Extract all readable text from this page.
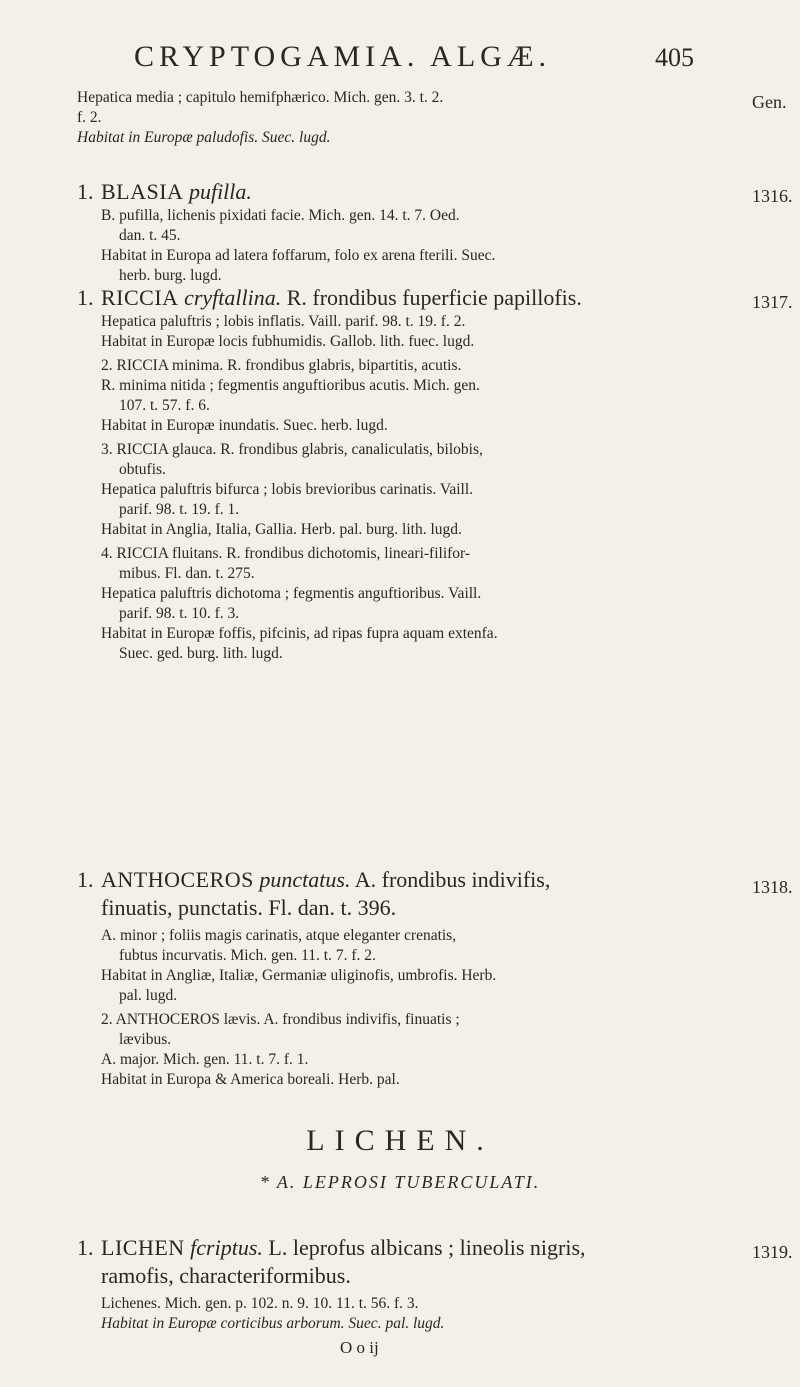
CRYPTOGAMIA. ALGÆ.	405
Gen.
1316.
1317.
1318.
1319.

Hepatica media ; capitulo hemifphærico. Mich. gen. 3. t. 2.

f. 2.

Habitat in Europæ paludofis. Suec. lugd.

1. BLASIA pufilla.

B. pufilla, lichenis pixidati facie. Mich. gen. 14. t. 7. Oed.

dan. t. 45.

Habitat in Europa ad latera foffarum, folo ex arena fterili. Suec.

herb. burg. lugd.

1. RICCIA cryftallina. R. frondibus fuperficie papillofis.

Hepatica paluftris ; lobis inflatis. Vaill. parif. 98. t. 19. f. 2.

Habitat in Europæ locis fubhumidis. Gallob. lith. fuec. lugd.

2. RICCIA minima. R. frondibus glabris, bipartitis, acutis.

R. minima nitida ; fegmentis anguftioribus acutis. Mich. gen.

107. t. 57. f. 6.

Habitat in Europæ inundatis. Suec. herb. lugd.

3. RICCIA glauca. R. frondibus glabris, canaliculatis, bilobis,

obtufis.

Hepatica paluftris bifurca ; lobis brevioribus carinatis. Vaill.

parif. 98. t. 19. f. 1.

Habitat in Anglia, Italia, Gallia. Herb. pal. burg. lith. lugd.

4. RICCIA fluitans. R. frondibus dichotomis, lineari-filifor-

mibus. Fl. dan. t. 275.

Hepatica paluftris dichotoma ; fegmentis anguftioribus. Vaill.

parif. 98. t. 10. f. 3.

Habitat in Europæ foffis, pifcinis, ad ripas fupra aquam extenfa.

Suec. ged. burg. lith. lugd.

1. ANTHOCEROS punctatus. A. frondibus indivifis,

finuatis, punctatis. Fl. dan. t. 396.

A. minor ; foliis magis carinatis, atque eleganter crenatis,

fubtus incurvatis. Mich. gen. 11. t. 7. f. 2.

Habitat in Angliæ, Italiæ, Germaniæ uliginofis, umbrofis. Herb.

pal. lugd.

2. ANTHOCEROS lævis. A. frondibus indivifis, finuatis ;

lævibus.

A. major. Mich. gen. 11. t. 7. f. 1.

Habitat in Europa & America boreali. Herb. pal.

LICHEN.
* A. LEPROSI TUBERCULATI.

1. LICHEN fcriptus. L. leprofus albicans ; lineolis nigris,

ramofis, characteriformibus.

Lichenes. Mich. gen. p. 102. n. 9. 10. 11. t. 56. f. 3.

Habitat in Europæ corticibus arborum. Suec. pal. lugd.

O o ij
